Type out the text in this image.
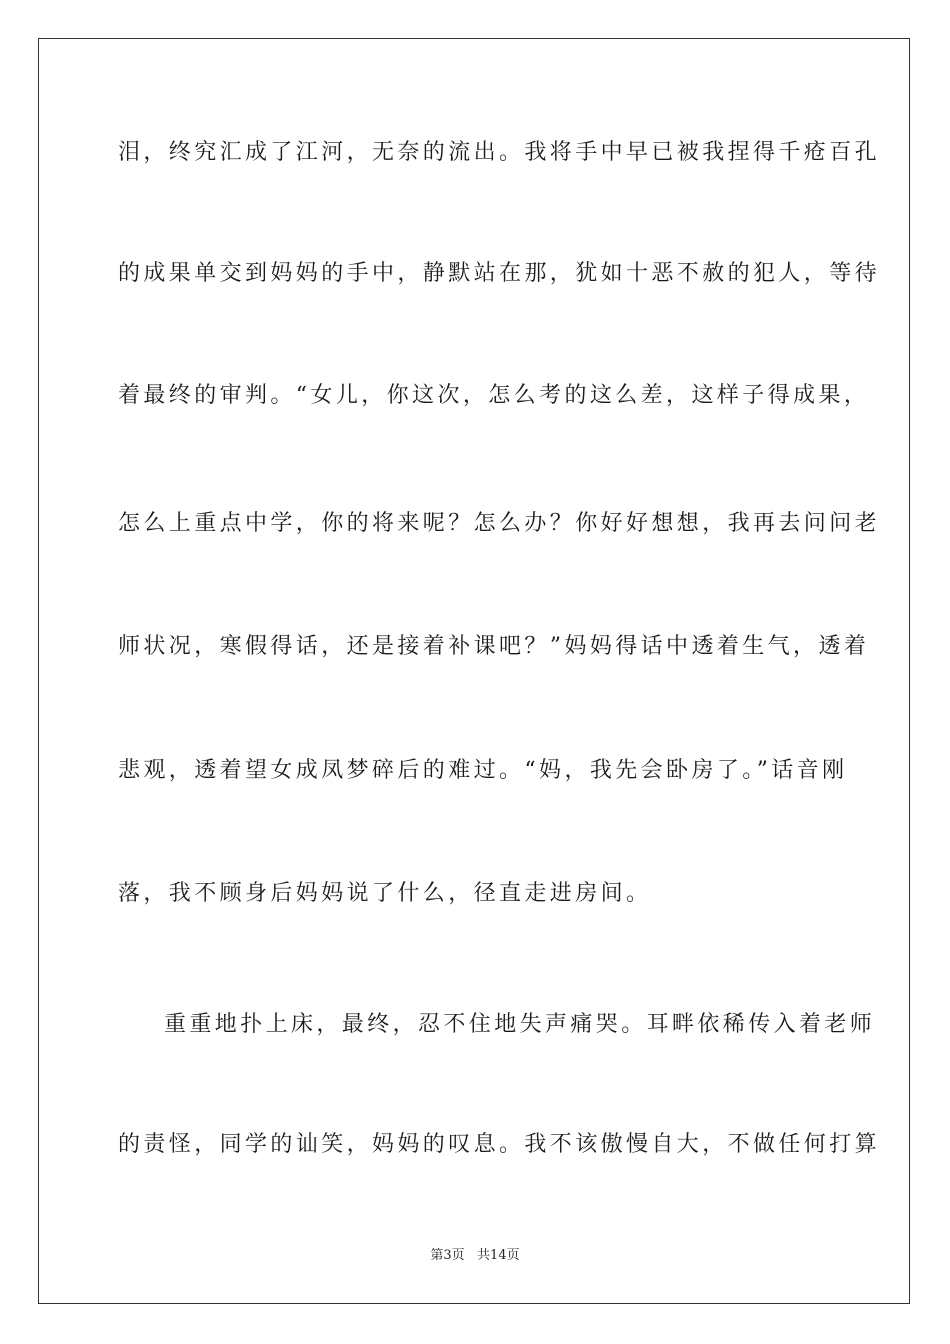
泪，终究汇成了江河，无奈的流出。我将手中早已被我捏得千疮百孔
的成果单交到妈妈的手中，静默站在那，犹如十恶不赦的犯人，等待
着最终的审判。“女儿，你这次，怎么考的这么差，这样子得成果，
怎么上重点中学，你的将来呢？怎么办？你好好想想，我再去问问老
师状况，寒假得话，还是接着补课吧？”妈妈得话中透着生气，透着
悲观，透着望女成凤梦碎后的难过。“妈，我先会卧房了。”话音刚
落，我不顾身后妈妈说了什么，径直走进房间。
重重地扑上床，最终，忍不住地失声痛哭。耳畔依稀传入着老师
的责怪，同学的讪笑，妈妈的叹息。我不该傲慢自大，不做任何打算
第3页   共14页
